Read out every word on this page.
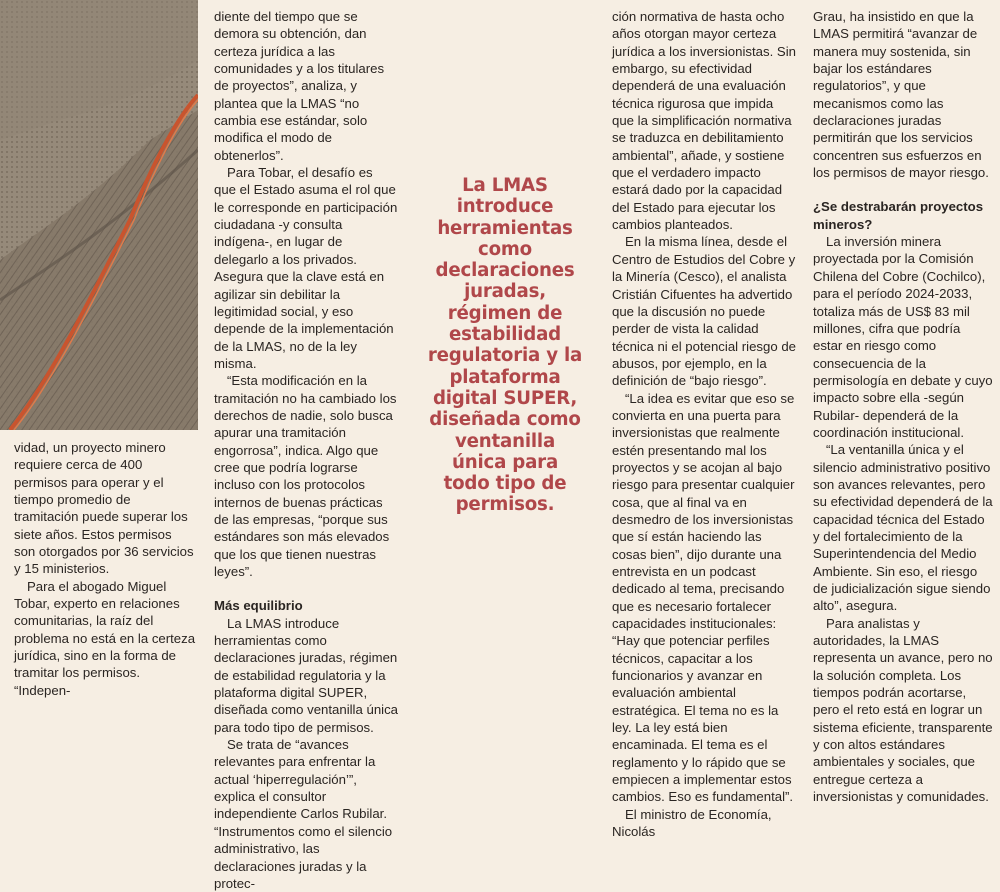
vidad, un proyecto minero requiere cerca de 400 permisos para operar y el tiempo promedio de tramitación puede superar los siete años. Estos permisos son otorgados por 36 servicios y 15 ministerios.

Para el abogado Miguel Tobar, experto en relaciones comunitarias, la raíz del problema no está en la certeza jurídica, sino en la forma de tramitar los permisos. “Indepen-

diente del tiempo que se demora su obtención, dan certeza jurídica a las comunidades y a los titulares de proyectos”, analiza, y plantea que la LMAS “no cambia ese estándar, solo modifica el modo de obtenerlos”.

Para Tobar, el desafío es que el Estado asuma el rol que le corresponde en participación ciudadana -y consulta indígena-, en lugar de delegarlo a los privados. Asegura que la clave está en agilizar sin debilitar la legitimidad social, y eso depende de la implementación de la LMAS, no de la ley misma.

“Esta modificación en la tramitación no ha cambiado los derechos de nadie, solo busca apurar una tramitación engorrosa”, indica. Algo que cree que podría lograrse incluso con los protocolos internos de buenas prácticas de las empresas, “porque sus estándares son más elevados que los que tienen nuestras leyes”.

Más equilibrio

La LMAS introduce herramientas como declaraciones juradas, régimen de estabilidad regulatoria y la plataforma digital SUPER, diseñada como ventanilla única para todo tipo de permisos.

Se trata de “avances relevantes para enfrentar la actual ‘hiperregulación’”, explica el consultor independiente Carlos Rubilar. “Instrumentos como el silencio administrativo, las declaraciones juradas y la protec-

La LMAS introduce herramientas como declaraciones juradas, régimen de estabilidad regulatoria y la plataforma digital SUPER, diseñada como ventanilla única para todo tipo de permisos.

ción normativa de hasta ocho años otorgan mayor certeza jurídica a los inversionistas. Sin embargo, su efectividad dependerá de una evaluación técnica rigurosa que impida que la simplificación normativa se traduzca en debilitamiento ambiental”, añade, y sostiene que el verdadero impacto estará dado por la capacidad del Estado para ejecutar los cambios planteados.

En la misma línea, desde el Centro de Estudios del Cobre y la Minería (Cesco), el analista Cristián Cifuentes ha advertido que la discusión no puede perder de vista la calidad técnica ni el potencial riesgo de abusos, por ejemplo, en la definición de “bajo riesgo”.

“La idea es evitar que eso se convierta en una puerta para inversionistas que realmente estén presentando mal los proyectos y se acojan al bajo riesgo para presentar cualquier cosa, que al final va en desmedro de los inversionistas que sí están haciendo las cosas bien”, dijo durante una entrevista en un podcast dedicado al tema, precisando que es necesario fortalecer capacidades institucionales: “Hay que potenciar perfiles técnicos, capacitar a los funcionarios y avanzar en evaluación ambiental estratégica. El tema no es la ley. La ley está bien encaminada. El tema es el reglamento y lo rápido que se empiecen a implementar estos cambios. Eso es fundamental”.

El ministro de Economía, Nicolás

Grau, ha insistido en que la LMAS permitirá “avanzar de manera muy sostenida, sin bajar los estándares regulatorios”, y que mecanismos como las declaraciones juradas permitirán que los servicios concentren sus esfuerzos en los permisos de mayor riesgo.

¿Se destrabarán proyectos mineros?

La inversión minera proyectada por la Comisión Chilena del Cobre (Cochilco), para el período 2024-2033, totaliza más de US$ 83 mil millones, cifra que podría estar en riesgo como consecuencia de la permisología en debate y cuyo impacto sobre ella -según Rubilar- dependerá de la coordinación institucional.

“La ventanilla única y el silencio administrativo positivo son avances relevantes, pero su efectividad dependerá de la capacidad técnica del Estado y del fortalecimiento de la Superintendencia del Medio Ambiente. Sin eso, el riesgo de judicialización sigue siendo alto”, asegura.

Para analistas y autoridades, la LMAS representa un avance, pero no la solución completa. Los tiempos podrán acortarse, pero el reto está en lograr un sistema eficiente, transparente y con altos estándares ambientales y sociales, que entregue certeza a inversionistas y comunidades.
